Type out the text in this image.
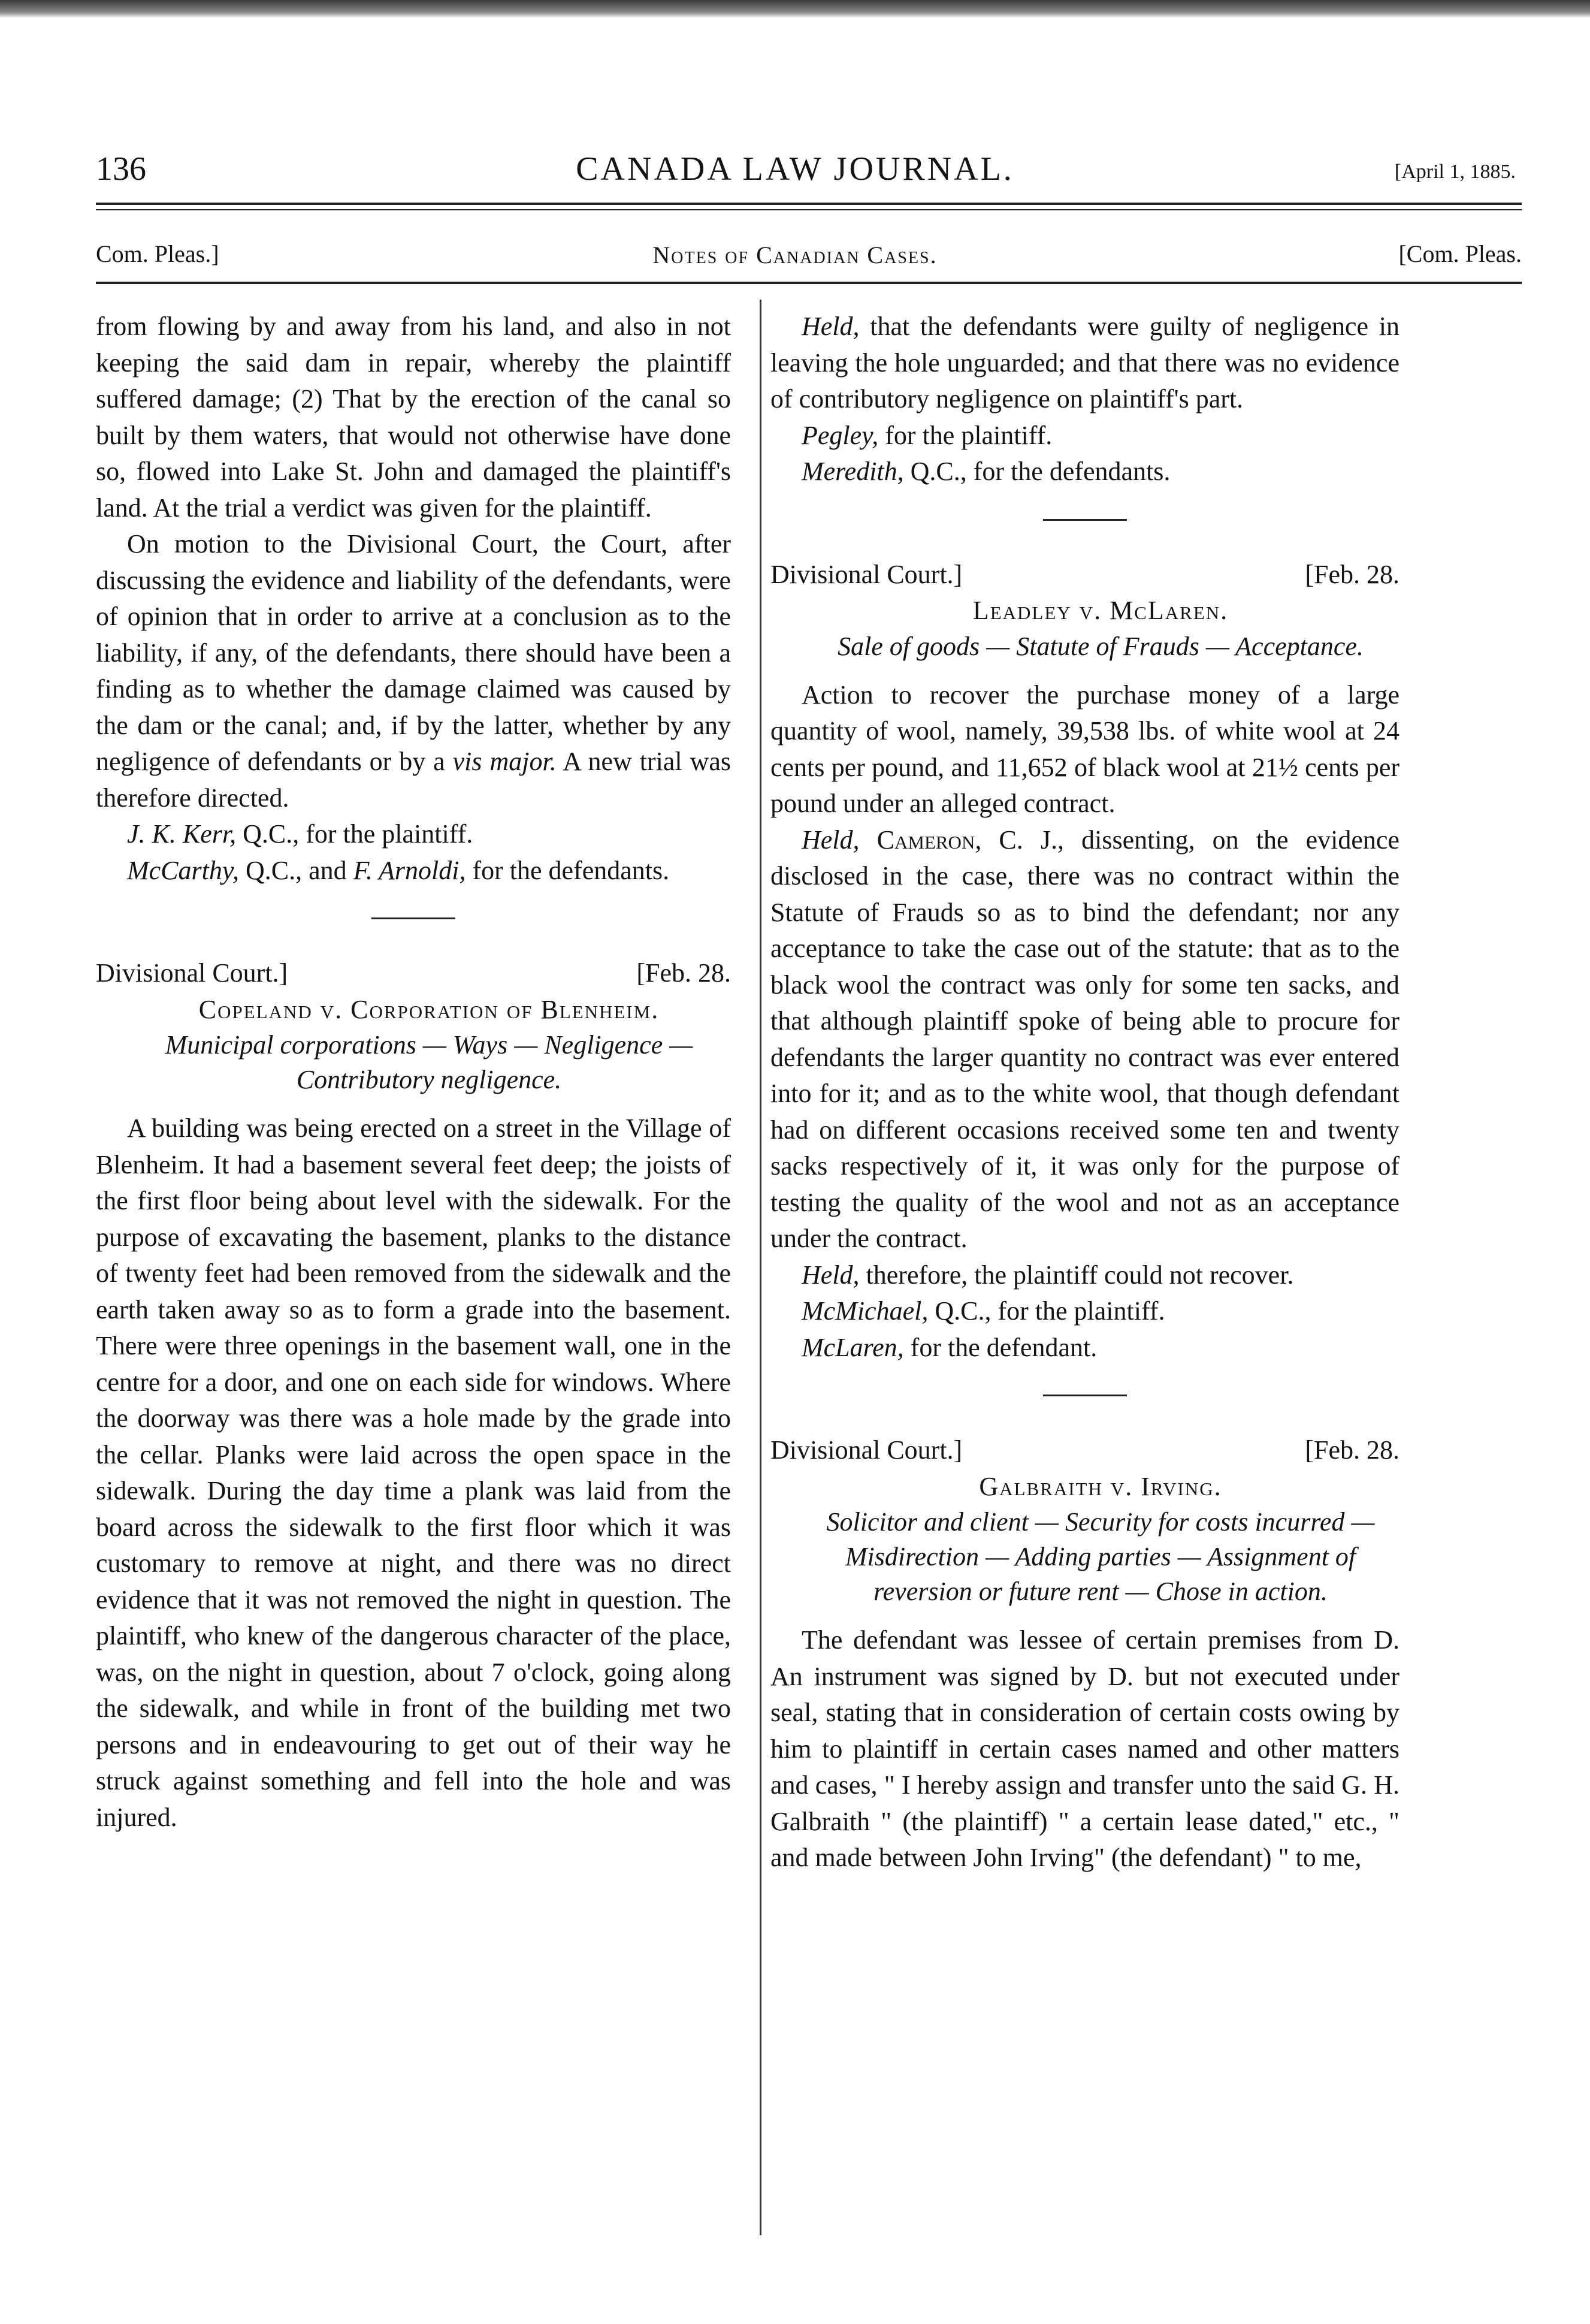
136	CANADA LAW JOURNAL.	[April 1, 1885.
Com. Pleas.]	Notes of Canadian Cases.	[Com. Pleas.

from flowing by and away from his land, and also in not keeping the said dam in repair, whereby the plaintiff suffered damage; (2) That by the erection of the canal so built by them waters, that would not otherwise have done so, flowed into Lake St. John and damaged the plaintiff's land. At the trial a verdict was given for the plaintiff.

On motion to the Divisional Court, the Court, after discussing the evidence and liability of the defendants, were of opinion that in order to arrive at a conclusion as to the liability, if any, of the defendants, there should have been a finding as to whether the damage claimed was caused by the dam or the canal; and, if by the latter, whether by any negligence of defendants or by a vis major. A new trial was therefore directed.

J. K. Kerr, Q.C., for the plaintiff.

McCarthy, Q.C., and F. Arnoldi, for the defendants.

Divisional Court.]	[Feb. 28.

Copeland v. Corporation of Blenheim.

Municipal corporations — Ways — Negligence —
Contributory negligence.

A building was being erected on a street in the Village of Blenheim. It had a basement several feet deep; the joists of the first floor being about level with the sidewalk. For the purpose of excavating the basement, planks to the distance of twenty feet had been removed from the sidewalk and the earth taken away so as to form a grade into the basement. There were three openings in the basement wall, one in the centre for a door, and one on each side for windows. Where the doorway was there was a hole made by the grade into the cellar. Planks were laid across the open space in the sidewalk. During the day time a plank was laid from the board across the sidewalk to the first floor which it was customary to remove at night, and there was no direct evidence that it was not removed the night in question. The plaintiff, who knew of the dangerous character of the place, was, on the night in question, about 7 o'clock, going along the sidewalk, and while in front of the building met two persons and in endeavouring to get out of their way he struck against something and fell into the hole and was injured.

Held, that the defendants were guilty of negligence in leaving the hole unguarded; and that there was no evidence of contributory negligence on plaintiff's part.

Pegley, for the plaintiff.

Meredith, Q.C., for the defendants.

Divisional Court.]	[Feb. 28.

Leadley v. McLaren.

Sale of goods — Statute of Frauds — Acceptance.

Action to recover the purchase money of a large quantity of wool, namely, 39,538 lbs. of white wool at 24 cents per pound, and 11,652 of black wool at 21½ cents per pound under an alleged contract.

Held, Cameron, C. J., dissenting, on the evidence disclosed in the case, there was no contract within the Statute of Frauds so as to bind the defendant; nor any acceptance to take the case out of the statute: that as to the black wool the contract was only for some ten sacks, and that although plaintiff spoke of being able to procure for defendants the larger quantity no contract was ever entered into for it; and as to the white wool, that though defendant had on different occasions received some ten and twenty sacks respectively of it, it was only for the purpose of testing the quality of the wool and not as an acceptance under the contract.

Held, therefore, the plaintiff could not recover.

McMichael, Q.C., for the plaintiff.

McLaren, for the defendant.

Divisional Court.]	[Feb. 28.

Galbraith v. Irving.

Solicitor and client — Security for costs incurred —
Misdirection — Adding parties — Assignment of
reversion or future rent — Chose in action.

The defendant was lessee of certain premises from D. An instrument was signed by D. but not executed under seal, stating that in consideration of certain costs owing by him to plaintiff in certain cases named and other matters and cases, " I hereby assign and transfer unto the said G. H. Galbraith " (the plaintiff) " a certain lease dated," etc., " and made between John Irving" (the defendant) " to me,
